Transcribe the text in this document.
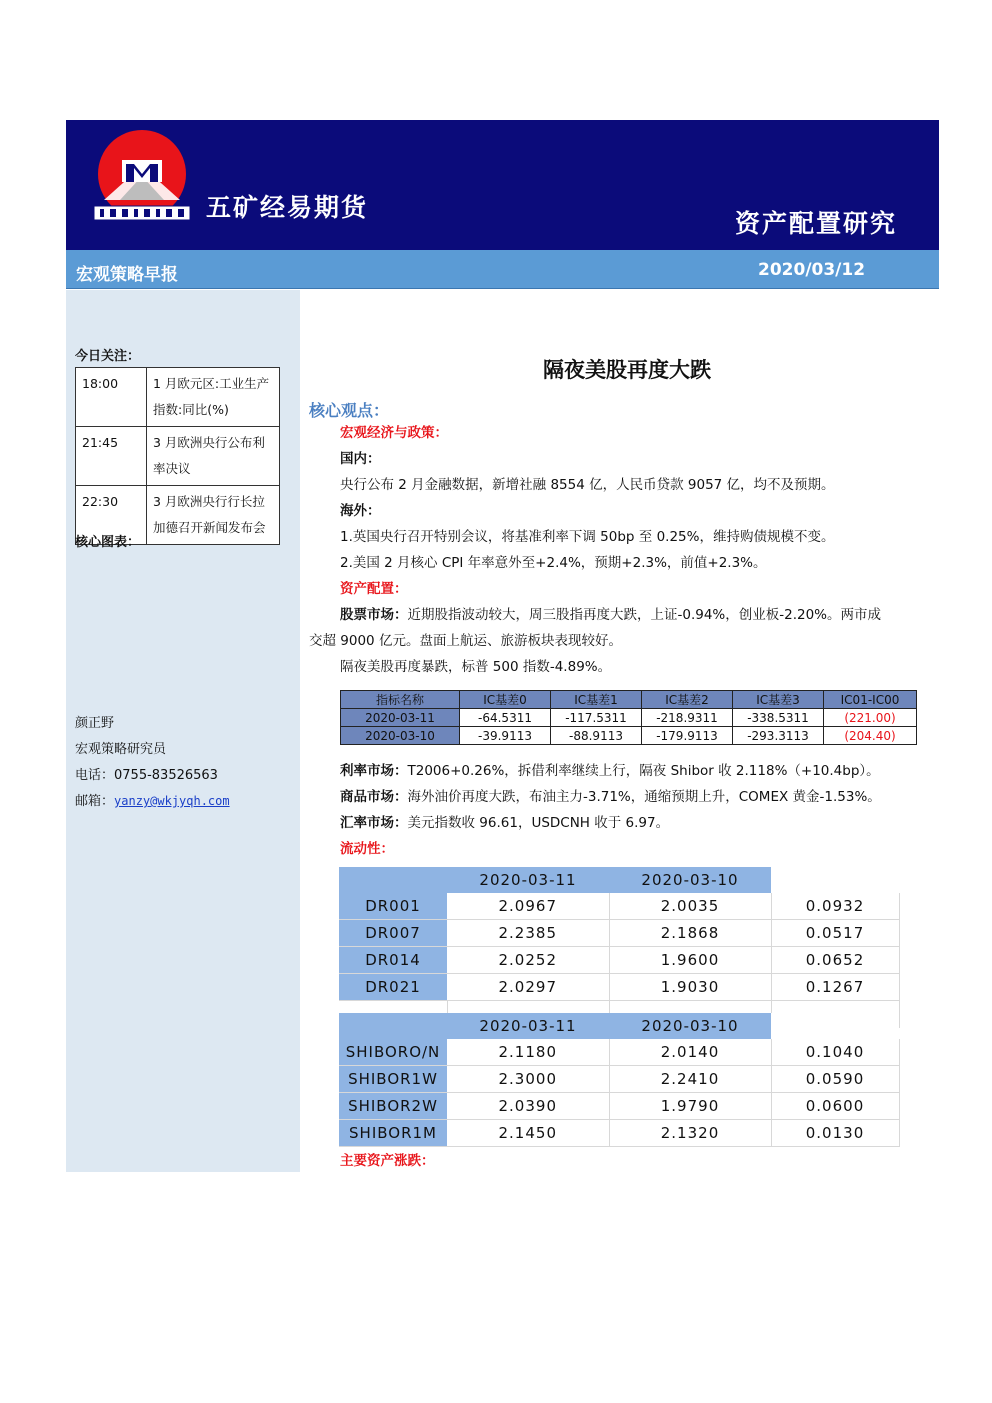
五矿经易期货
资产配置研究
宏观策略早报	2020/03/12
今日关注：
18:00	1 月欧元区:工业生产指数:同比(%)
21:45	3 月欧洲央行公布利率决议
22:30	3 月欧洲央行行长拉加德召开新闻发布会
核心图表：
颜正野
宏观策略研究员
电话：0755-83526563
邮箱：yanzy@wkjyqh.com
隔夜美股再度大跌
核心观点：
宏观经济与政策：
国内：
央行公布 2 月金融数据，新增社融 8554 亿，人民币贷款 9057 亿，均不及预期。
海外：
1.英国央行召开特别会议，将基准利率下调 50bp 至 0.25%，维持购债规模不变。
2.美国 2 月核心 CPI 年率意外至+2.4%，预期+2.3%，前值+2.3%。
资产配置：
股票市场：近期股指波动较大，周三股指再度大跌，上证-0.94%，创业板-2.20%。两市成
交超 9000 亿元。盘面上航运、旅游板块表现较好。
隔夜美股再度暴跌，标普 500 指数-4.89%。
指标名称	IC基差0	IC基差1	IC基差2	IC基差3	IC01-IC00
2020-03-11	-64.5311	-117.5311	-218.9311	-338.5311	(221.00)
2020-03-10	-39.9113	-88.9113	-179.9113	-293.3113	(204.40)
利率市场：T2006+0.26%，拆借利率继续上行，隔夜 Shibor 收 2.118%（+10.4bp）。
商品市场：海外油价再度大跌，布油主力-3.71%，通缩预期上升，COMEX 黄金-1.53%。
汇率市场：美元指数收 96.61，USDCNH 收于 6.97。
流动性：
	2020-03-11	2020-03-10	
DR001	2.0967	2.0035	0.0932
DR007	2.2385	2.1868	0.0517
DR014	2.0252	1.9600	0.0652
DR021	2.0297	1.9030	0.1267

	2020-03-11	2020-03-10	
SHIBORO/N	2.1180	2.0140	0.1040
SHIBOR1W	2.3000	2.2410	0.0590
SHIBOR2W	2.0390	1.9790	0.0600
SHIBOR1M	2.1450	2.1320	0.0130
主要资产涨跌：
